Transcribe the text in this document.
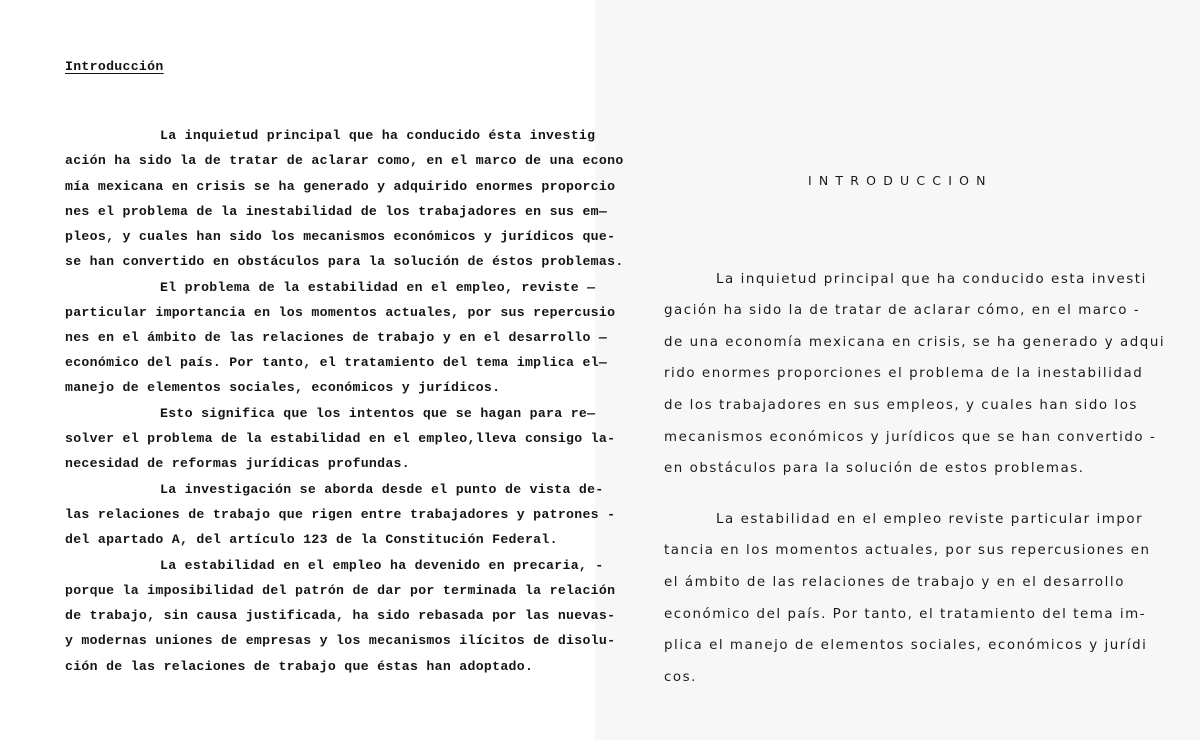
Introducción
La inquietud principal que ha conducido ésta investig
ación ha sido la de tratar de aclarar como, en el marco de una econo
mía mexicana en crisis se ha generado y adquirido enormes proporcio
nes el problema de la inestabilidad de los trabajadores en sus em—
pleos, y cuales han sido los mecanismos económicos y jurídicos que-
se han convertido en obstáculos para la solución de éstos problemas.
El problema de la estabilidad en el empleo, reviste —
particular importancia en los momentos actuales, por sus repercusio
nes en el ámbito de las relaciones de trabajo y en el desarrollo —
económico del país. Por tanto, el tratamiento del tema implica el—
manejo de elementos sociales, económicos y jurídicos.
Esto significa que los intentos que se hagan para re—
solver el problema de la estabilidad en el empleo,lleva consigo la-
necesidad de reformas jurídicas profundas.
La investigación se aborda desde el punto de vista de-
las relaciones de trabajo que rigen entre trabajadores y patrones -
del apartado A, del artículo 123 de la Constitución Federal.
La estabilidad en el empleo ha devenido en precaria, -
porque la imposibilidad del patrón de dar por terminada la relación
de trabajo, sin causa justificada, ha sido rebasada por las nuevas-
y modernas uniones de empresas y los mecanismos ilícitos de disolu-
ción de las relaciones de trabajo que éstas han adoptado.
INTRODUCCION
La inquietud principal que ha conducido esta investi
gación ha sido la de tratar de aclarar cómo, en el marco -
de una economía mexicana en crisis, se ha generado y adqui
rido enormes proporciones el problema de la inestabilidad
de los trabajadores en sus empleos, y cuales han sido los
mecanismos económicos y jurídicos que se han convertido -
en obstáculos para la solución de estos problemas.
La estabilidad en el empleo reviste particular impor
tancia en los momentos actuales, por sus repercusiones en
el ámbito de las relaciones de trabajo y en el desarrollo
económico del país. Por tanto, el tratamiento del tema im-
plica el manejo de elementos sociales, económicos y jurídi
cos.
